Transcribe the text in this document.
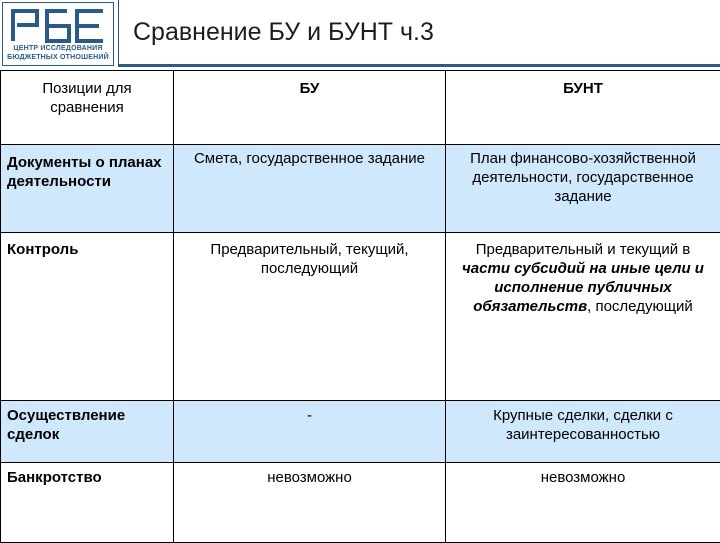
ЦЕНТР ИССЛЕДОВАНИЯ
БЮДЖЕТНЫХ ОТНОШЕНИЙ
Сравнение БУ и БУНТ ч.3
Позиции для сравнения	БУ	БУНТ
Документы о планах деятельности	Смета, государственное задание	План финансово-хозяйственной деятельности, государственное задание
Контроль	Предварительный, текущий, последующий	Предварительный и текущий в части субсидий на иные цели и исполнение публичных обязательств, последующий
Осуществление сделок	-	Крупные сделки, сделки с заинтересованностью
Банкротство	невозможно	невозможно
